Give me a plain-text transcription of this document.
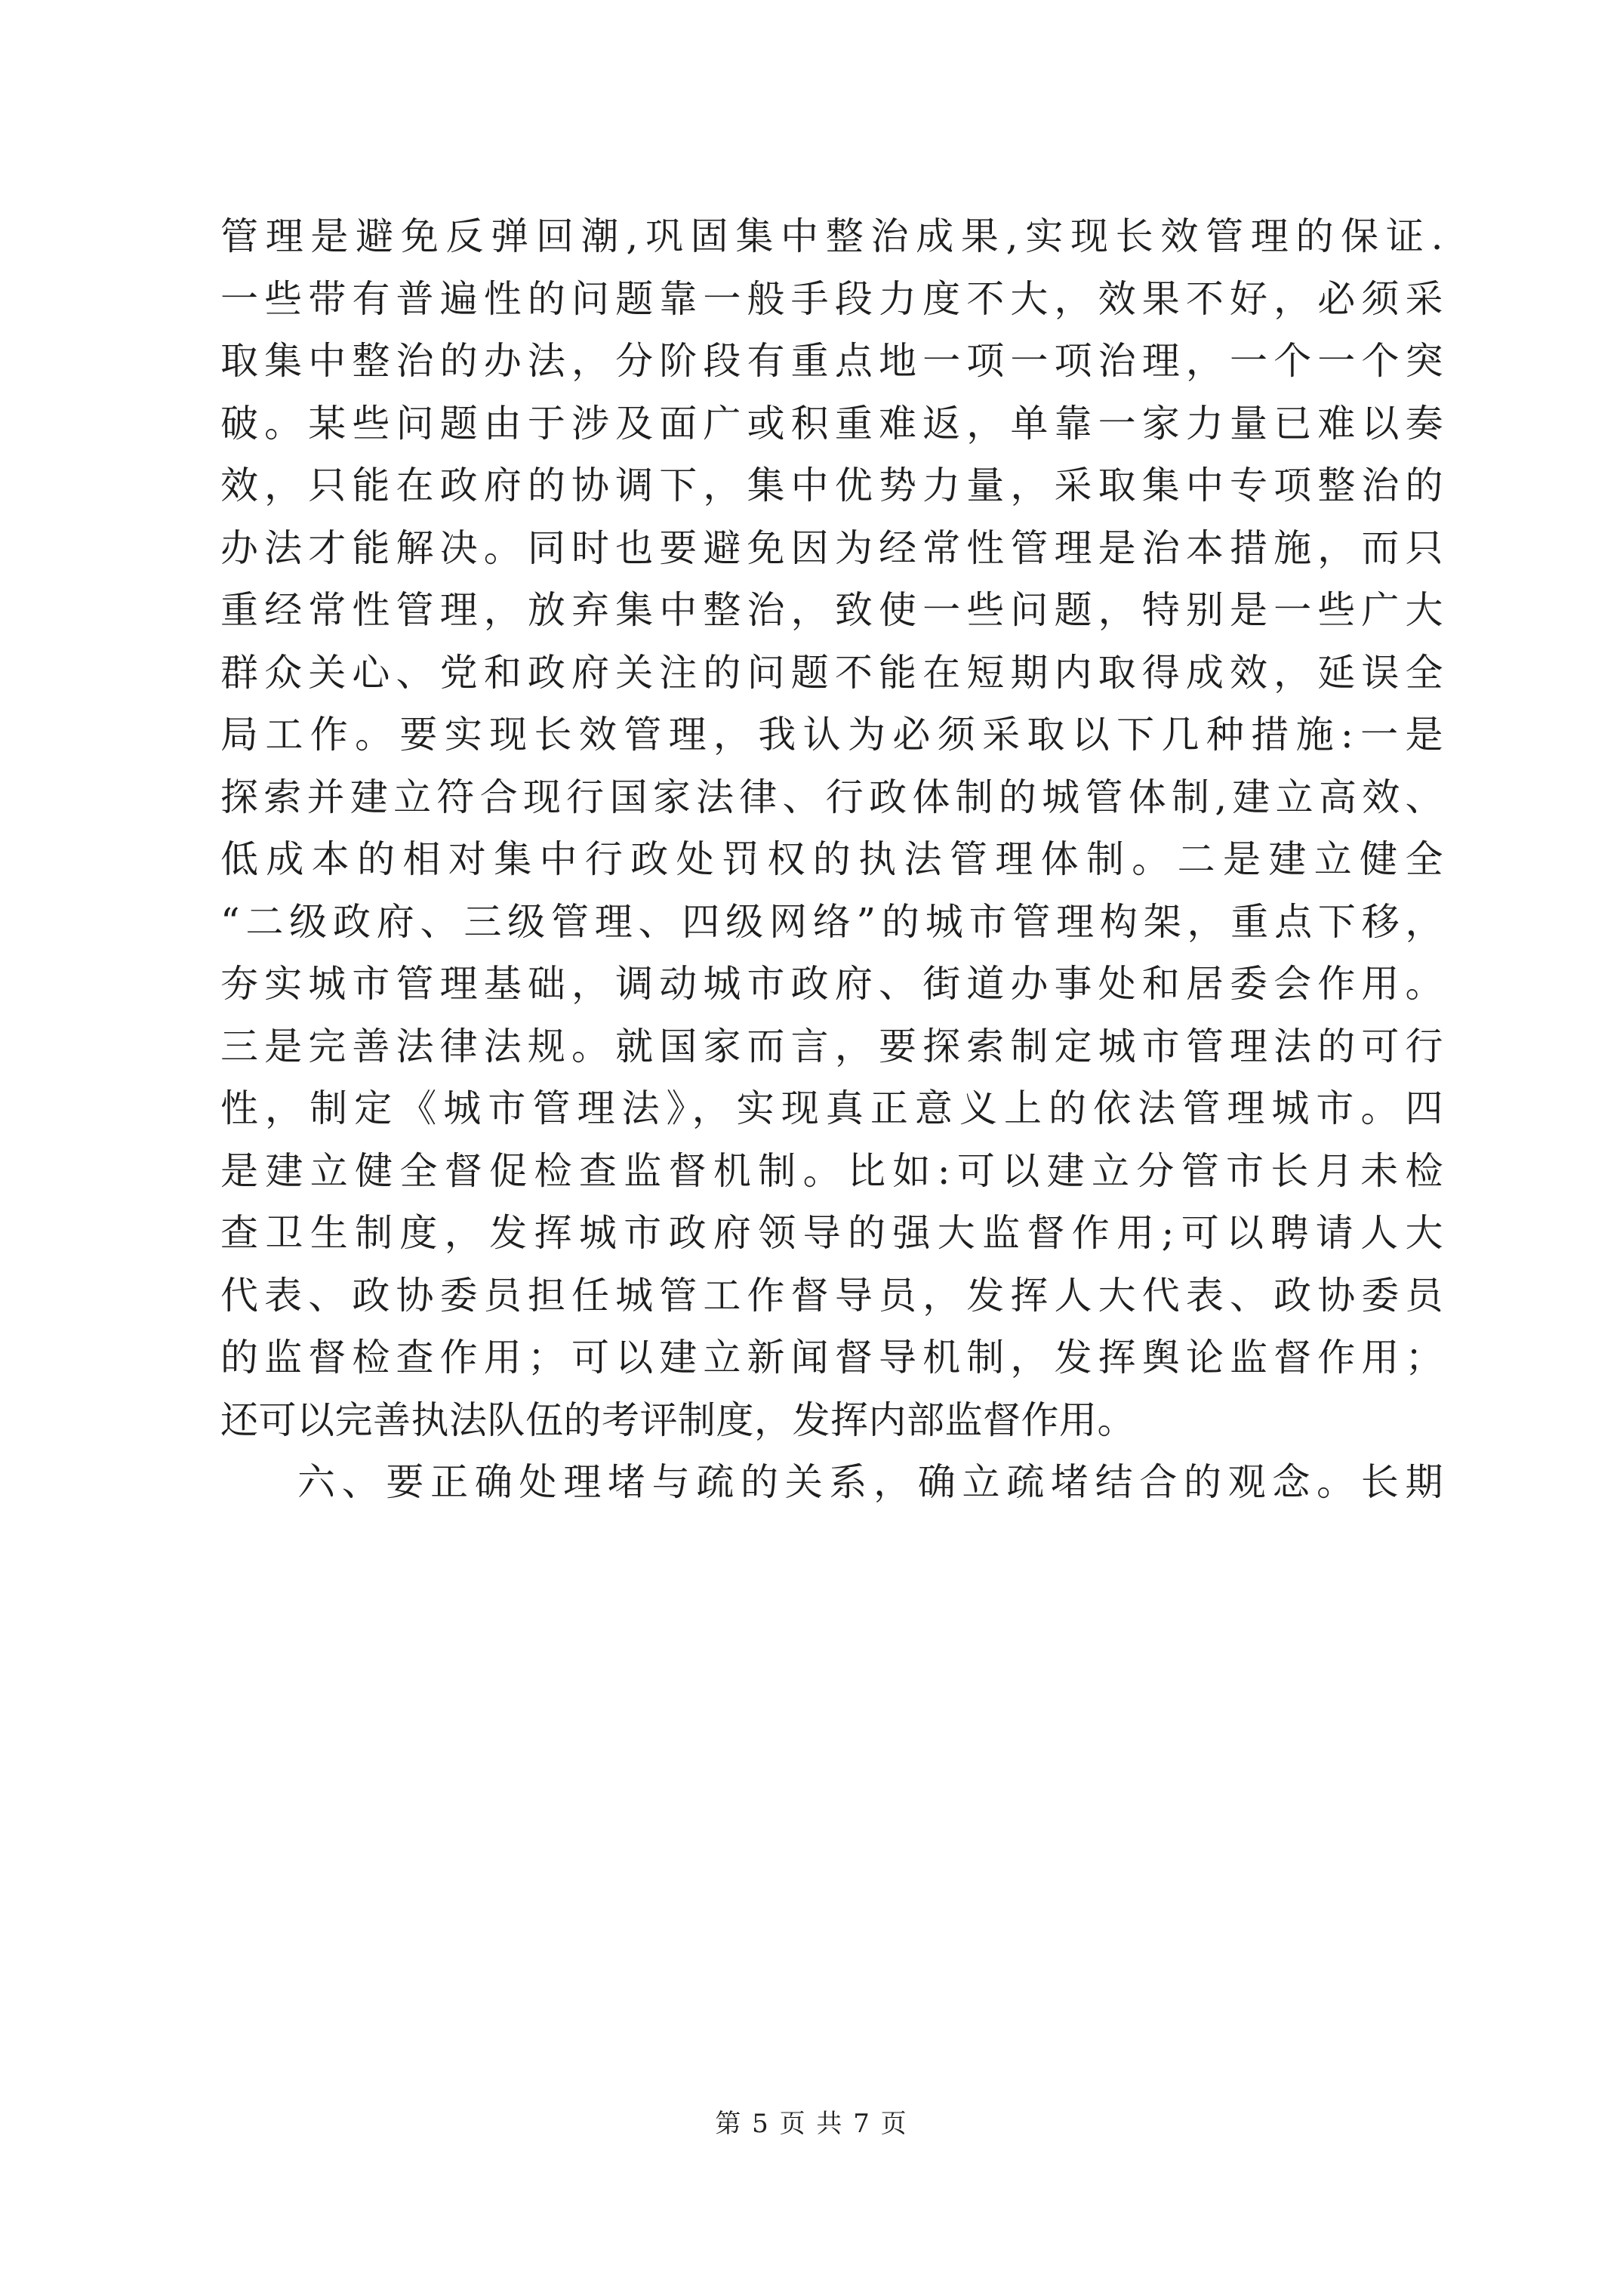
管理是避免反弹回潮,巩固集中整治成果,实现长效管理的保证.
一些带有普遍性的问题靠一般手段力度不大，效果不好，必须采
取集中整治的办法，分阶段有重点地一项一项治理，一个一个突
破。某些问题由于涉及面广或积重难返，单靠一家力量已难以奏
效，只能在政府的协调下，集中优势力量，采取集中专项整治的
办法才能解决。同时也要避免因为经常性管理是治本措施，而只
重经常性管理，放弃集中整治，致使一些问题，特别是一些广大
群众关心、党和政府关注的问题不能在短期内取得成效，延误全
局工作。要实现长效管理，我认为必须采取以下几种措施:一是
探索并建立符合现行国家法律、行政体制的城管体制,建立高效、
低成本的相对集中行政处罚权的执法管理体制。二是建立健全
“二级政府、三级管理、四级网络”的城市管理构架，重点下移，
夯实城市管理基础，调动城市政府、街道办事处和居委会作用。
三是完善法律法规。就国家而言，要探索制定城市管理法的可行
性，制定《城市管理法》，实现真正意义上的依法管理城市。四
是建立健全督促检查监督机制。比如:可以建立分管市长月未检
查卫生制度，发挥城市政府领导的强大监督作用;可以聘请人大
代表、政协委员担任城管工作督导员，发挥人大代表、政协委员
的监督检查作用；可以建立新闻督导机制，发挥舆论监督作用；
还可以完善执法队伍的考评制度，发挥内部监督作用。
六、要正确处理堵与疏的关系，确立疏堵结合的观念。长期
第 5 页 共 7 页
